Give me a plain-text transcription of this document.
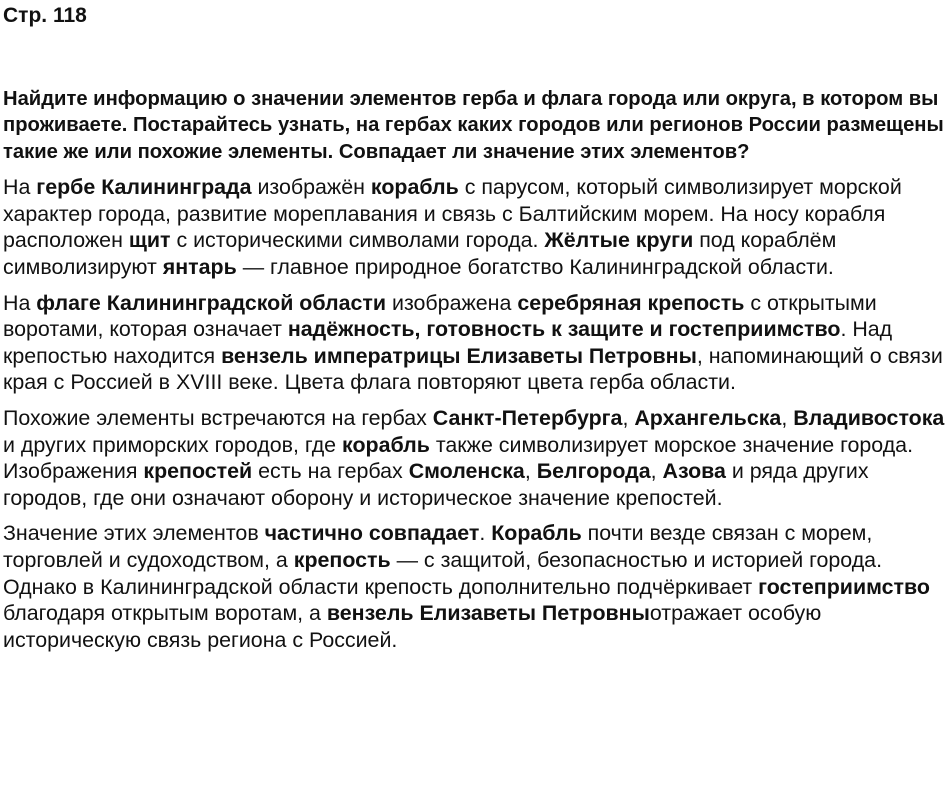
Стр. 118
Найдите информацию о значении элементов герба и флага города или округа, в котором вы проживаете. Постарайтесь узнать, на гербах каких городов или регионов России размещены такие же или похожие элементы. Совпадает ли значение этих элементов?

На гербе Калининграда изображён корабль с парусом, который символизирует морской характер города, развитие мореплавания и связь с Балтийским морем. На носу корабля расположен щит с историческими символами города. Жёлтые круги под кораблём символизируют янтарь — главное природное богатство Калининградской области.

На флаге Калининградской области изображена серебряная крепость с открытыми воротами, которая означает надёжность, готовность к защите и гостеприимство. Над крепостью находится вензель императрицы Елизаветы Петровны, напоминающий о связи края с Россией в XVIII веке. Цвета флага повторяют цвета герба области.

Похожие элементы встречаются на гербах Санкт-Петербурга, Архангельска, Владивостока и других приморских городов, где корабль также символизирует морское значение города. Изображения крепостей есть на гербах Смоленска, Белгорода, Азова и ряда других городов, где они означают оборону и историческое значение крепостей.

Значение этих элементов частично совпадает. Корабль почти везде связан с морем, торговлей и судоходством, а крепость — с защитой, безопасностью и историей города. Однако в Калининградской области крепость дополнительно подчёркивает гостеприимство благодаря открытым воротам, а вензель Елизаветы Петровныотражает особую историческую связь региона с Россией.
